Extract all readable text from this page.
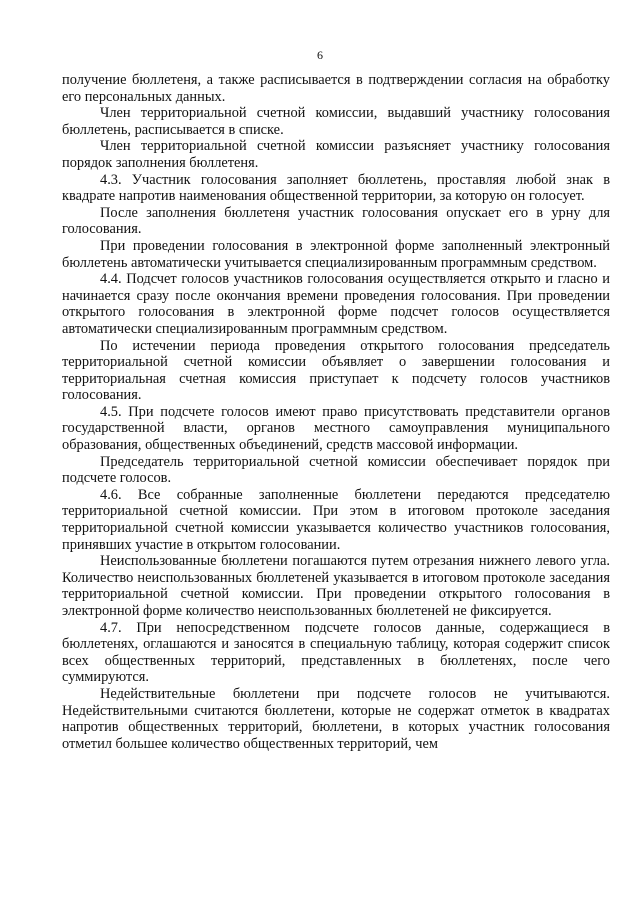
6

получение бюллетеня, а также расписывается в подтверждении согласия на обработку его персональных данных.

Член территориальной счетной комиссии, выдавший участнику голосования бюллетень, расписывается в списке.

Член территориальной счетной комиссии разъясняет участнику голосования порядок заполнения бюллетеня.

4.3. Участник голосования заполняет бюллетень, проставляя любой знак в квадрате напротив наименования общественной территории, за которую он голосует.

После заполнения бюллетеня участник голосования опускает его в урну для голосования.

При проведении голосования в электронной форме заполненный электронный бюллетень автоматически учитывается специализированным программным средством.

4.4. Подсчет голосов участников голосования осуществляется открыто и гласно и начинается сразу после окончания времени проведения голосования. При проведении открытого голосования в электронной форме подсчет голосов осуществляется автоматически специализированным программным средством.

По истечении периода проведения открытого голосования председатель территориальной счетной комиссии объявляет о завершении голосования и территориальная счетная комиссия приступает к подсчету голосов участников голосования.

4.5. При подсчете голосов имеют право присутствовать представители органов государственной власти, органов местного самоуправления муниципального образования, общественных объединений, средств массовой информации.

Председатель территориальной счетной комиссии обеспечивает порядок при подсчете голосов.

4.6. Все собранные заполненные бюллетени передаются председателю территориальной счетной комиссии. При этом в итоговом протоколе заседания территориальной счетной комиссии указывается количество участников голосования, принявших участие в открытом голосовании.

Неиспользованные бюллетени погашаются путем отрезания нижнего левого угла. Количество неиспользованных бюллетеней указывается в итоговом протоколе заседания территориальной счетной комиссии. При проведении открытого голосования в электронной форме количество неиспользованных бюллетеней не фиксируется.

4.7. При непосредственном подсчете голосов данные, содержащиеся в бюллетенях, оглашаются и заносятся в специальную таблицу, которая содержит список всех общественных территорий, представленных в бюллетенях, после чего суммируются.

Недействительные бюллетени при подсчете голосов не учитываются. Недействительными считаются бюллетени, которые не содержат отметок в квадратах напротив общественных территорий, бюллетени, в которых участник голосования отметил большее количество общественных территорий, чем
